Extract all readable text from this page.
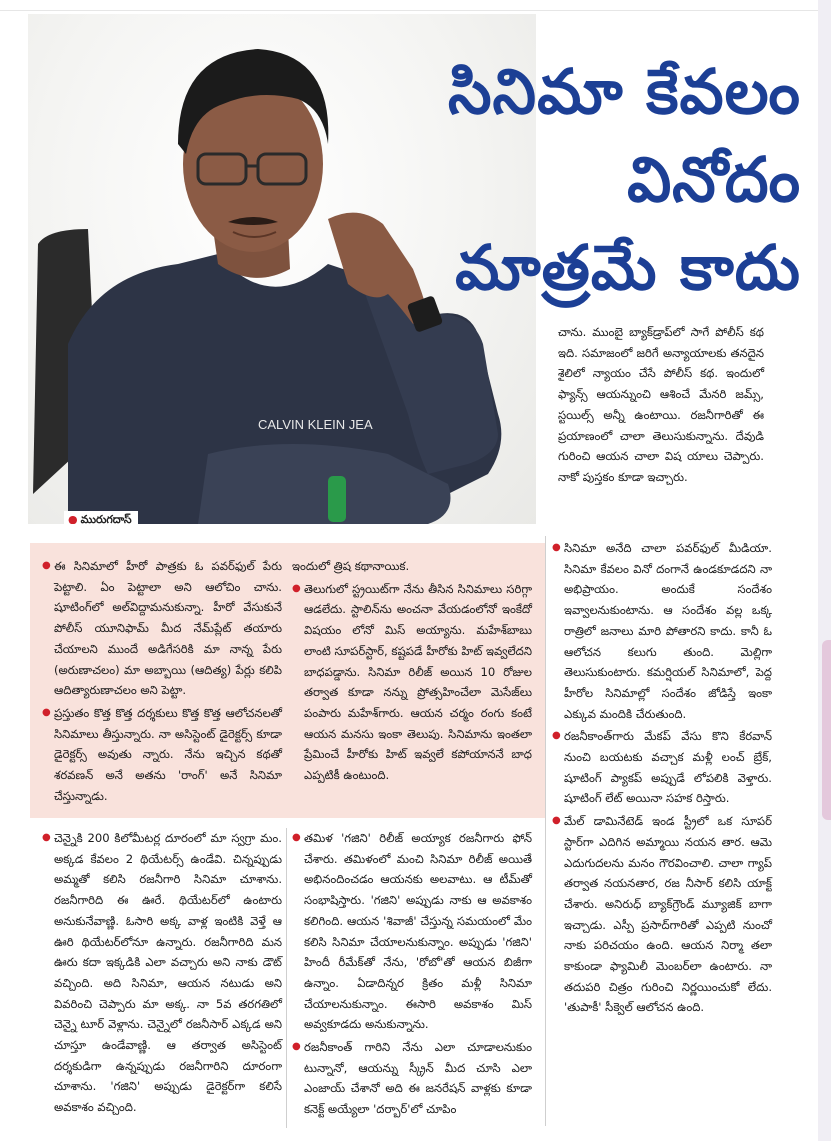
CALVIN KLEIN JEA
● మురుగదాస్
సినిమా కేవలం
వినోదం
మాత్రమే కాదు

చాను. ముంబై బ్యాక్‌డ్రాప్‌లో సాగే పోలీస్ కథ ఇది. సమాజంలో జరిగే అన్యాయాలకు తనదైన శైలిలో న్యాయం చేసే పోలీస్ కథ. ఇందులో ఫ్యాన్స్ ఆయన్నుంచి ఆశించే మేనరి జమ్స్, స్టయిల్స్ అన్నీ ఉంటాయి. రజనీగారితో ఈ ప్రయాణంలో చాలా తెలుసుకున్నాను. దేవుడి గురించి ఆయన చాలా విష యాలు చెప్పారు. నాకో పుస్తకం కూడా ఇచ్చారు.

● ఈ సినిమాలో హీరో పాత్రకు ఓ పవర్‌ఫుల్ పేరు పెట్టాలి. ఏం పెట్టాలా అని ఆలోచిం చాను. షూటింగ్‌లో అల్‌విద్దామనుకున్నా. హీరో వేసుకునే పోలీస్ యూనిఫామ్ మీద నేమ్‌ప్లేట్ తయారు చేయాలని ముందే అడిగేసరికి మా నాన్న పేరు (అరుణాచలం) మా అబ్బాయి (ఆదిత్య) పేర్లు కలిపి ఆదిత్యారుణాచలం అని పెట్టా.

● ప్రస్తుతం కొత్త కొత్త దర్శకులు కొత్త కొత్త ఆలోచనలతో సినిమాలు తీస్తున్నారు. నా అసిస్టెంట్ డైరెక్టర్స్ కూడా డైరెక్టర్స్ అవుతు న్నారు. నేను ఇచ్చిన కథతో శరవణన్ అనే అతను 'రాంగ్' అనే సినిమా చేస్తున్నాడు.

ఇందులో త్రిష కథానాయిక.

● తెలుగులో స్ట్రయిట్‌గా నేను తీసిన సినిమాలు సరిగ్గా ఆడలేదు. స్టాలిన్‌ను అంచనా వేయడంలోనో ఇంకేదో విషయం లోనో మిస్ అయ్యాను. మహేశ్‌బాబు లాంటి సూపర్‌స్టార్, కష్టపడే హీరోకు హిట్ ఇవ్వలేదని బాధపడ్డాను. సినిమా రిలీజ్ అయిన 10 రోజుల తర్వాత కూడా నన్ను ప్రోత్సహించేలా మెసేజ్‌లు పంపారు మహేశ్‌గారు. ఆయన చర్మం రంగు కంటే ఆయన మనసు ఇంకా తెలుపు. సినిమాను ఇంతలా ప్రేమించే హీరోకు హిట్ ఇవ్వలే కపోయాననే బాధ ఎప్పటికీ ఉంటుంది.

● సినిమా అనేది చాలా పవర్‌ఫుల్ మీడియా. సినిమా కేవలం వినో దంగానే ఉండకూడదని నా అభిప్రాయం. అందుకే సందేశం ఇవ్వాలనుకుంటాను. ఆ సందేశం వల్ల ఒక్క రాత్రిలో జనాలు మారి పోతారని కాదు. కానీ ఓ ఆలోచన కలుగు తుంది. మెల్లిగా తెలుసుకుంటారు. కమర్షియల్ సినిమాలో, పెద్ద హీరోల సినిమాల్లో సందేశం జోడిస్తే ఇంకా ఎక్కువ మందికి చేరుతుంది.

● రజనీకాంత్‌గారు మేకప్ వేసు కొని కేరవాన్ నుంచి బయటకు వచ్చాక మళ్లీ లంచ్ బ్రేక్, షూటింగ్ ప్యాకప్ అప్పుడే లోపలికి వెళ్తారు. షూటింగ్ లేట్ అయినా సహక రిస్తారు.

● మేల్ డామినేటెడ్ ఇండ స్ట్రీలో ఒక సూపర్ స్టార్‌గా ఎదిగిన అమ్మాయి నయన తార. ఆమె ఎదుగుదలను మనం గౌరవించాలి. చాలా గ్యాప్ తర్వాత నయనతార, రజ నీసార్ కలిసి యాక్ట్ చేశారు. అనిరుధ్ బ్యాక్‌గ్రౌండ్ మ్యూజిక్ బాగా ఇచ్చాడు. ఎస్పీ ప్రసాద్‌గారితో ఎప్పటి నుంచో నాకు పరిచయం ఉంది. ఆయన నిర్మా తలా కాకుండా ఫ్యామిలీ మెంబర్‌లా ఉంటారు. నా తదుపరి చిత్రం గురించి నిర్ణయించుకో లేదు. 'తుపాకీ' సీక్వెల్ ఆలోచన ఉంది.

● చెన్నైకి 200 కిలోమీటర్ల దూరంలో మా స్వగ్రా మం. అక్కడ కేవలం 2 థియేటర్స్ ఉండేవి. చిన్నప్పుడు అమ్మతో కలిసి రజనీగారి సినిమా చూశాను. రజనీగారిది ఈ ఊరే. థియేటర్‌లో ఉంటారు అనుకునేవాణ్ణి. ఓసారి అక్క వాళ్ల ఇంటికి వెళ్తే ఆ ఊరి థియేటర్‌లోనూ ఉన్నారు. రజనీగారిది మన ఊరు కదా ఇక్కడికి ఎలా వచ్చారు అని నాకు డౌట్ వచ్చింది. అది సినిమా, ఆయన నటుడు అని వివరించి చెప్పారు మా అక్క. నా 5వ తరగతిలో చెన్నై టూర్ వెళ్లాను. చెన్నైలో రజనీసార్ ఎక్కడ అని చూస్తూ ఉండేవాణ్ణి. ఆ తర్వాత అసిస్టెంట్ దర్శకుడిగా ఉన్నప్పుడు రజనీగారిని దూరంగా చూశాను. 'గజిని' అప్పుడు డైరెక్టర్‌గా కలిసే అవకాశం వచ్చింది.

● తమిళ 'గజిని' రిలీజ్ అయ్యాక రజనీగారు ఫోన్ చేశారు. తమిళంలో మంచి సినిమా రిలీజ్ అయితే అభినందించడం ఆయనకు అలవాటు. ఆ టీమ్‌తో సంభాషిస్తారు. 'గజిని' అప్పుడు నాకు ఆ అవకాశం కలిగింది. ఆయన 'శివాజీ' చేస్తున్న సమయంలో మేం కలిసి సినిమా చేయాలనుకున్నాం. అప్పుడు 'గజిని' హిందీ రీమేక్‌తో నేను, 'రోబో'తో ఆయన బిజీగా ఉన్నాం. ఏడాదిన్నర క్రితం మళ్లీ సినిమా చేయాలనుకున్నాం. ఈసారి అవకాశం మిస్ అవ్వకూడదు అనుకున్నాను.

● రజనీకాంత్ గారిని నేను ఎలా చూడాలనుకుం టున్నానో, ఆయన్ను స్క్రీన్ మీద చూసి ఎలా ఎంజాయ్ చేశానో అది ఈ జనరేషన్ వాళ్లకు కూడా కనెక్ట్ అయ్యేలా 'దర్బార్'లో చూపిం
